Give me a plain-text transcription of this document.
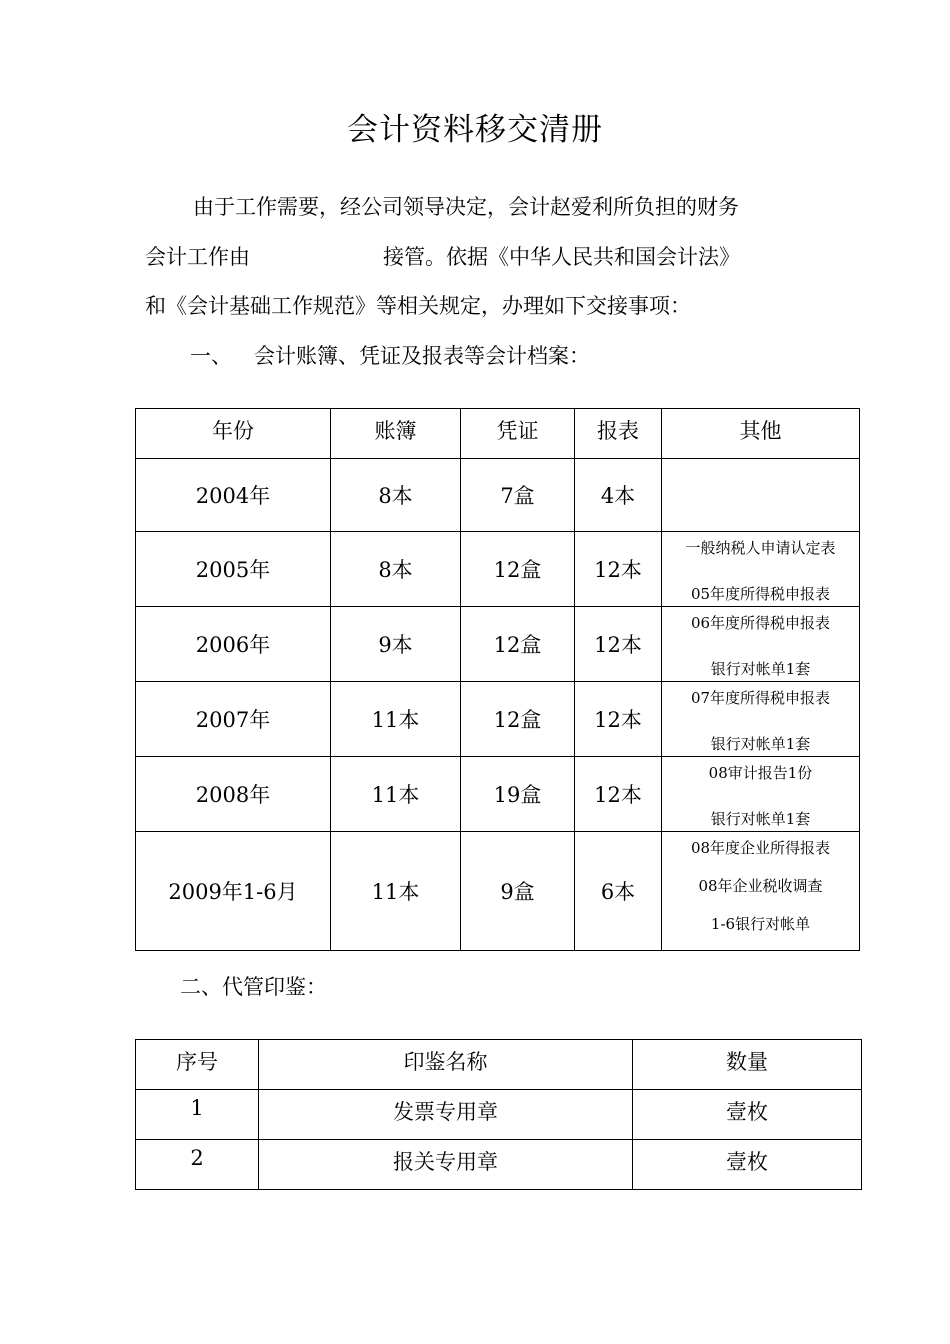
会计资料移交清册
由于工作需要，经公司领导决定，会计赵爱利所负担的财务
会计工作由	接管。依据《中华人民共和国会计法》
和《会计基础工作规范》等相关规定，办理如下交接事项：
一、 会计账簿、凭证及报表等会计档案：
年份	账簿	凭证	报表	其他
2004年	8本	7盒	4本	
2005年	8本	12盒	12本	一般纳税人申请认定表
05年度所得税申报表

2006年	9本	12盒	12本	06年度所得税申报表
银行对帐单1套

2007年	11本	12盒	12本	07年度所得税申报表
银行对帐单1套

2008年	11本	19盒	12本	08审计报告1份
银行对帐单1套

2009年1-6月	11本	9盒	6本	08年度企业所得报表
08年企业税收调查
1-6银行对帐单
二、代管印鉴：
序号	印鉴名称	数量
1	发票专用章	壹枚
2	报关专用章	壹枚
